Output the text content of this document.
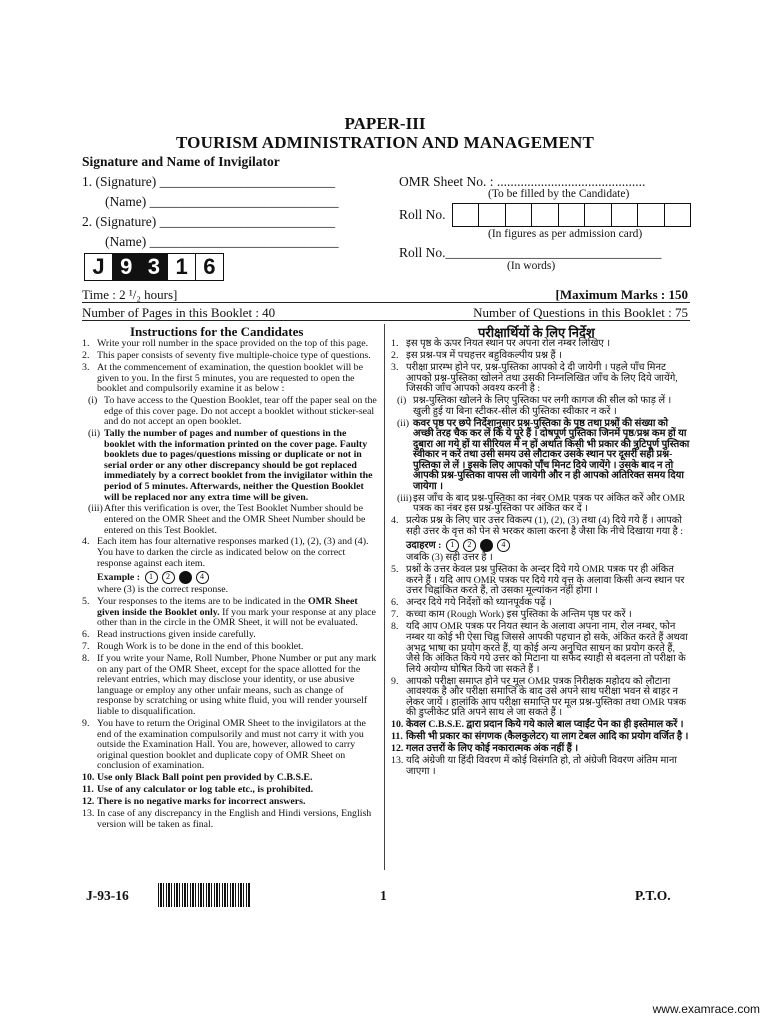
PAPER-III
TOURISM ADMINISTRATION AND MANAGEMENT
Signature and Name of Invigilator
1. (Signature) __________________________
(Name) ____________________________
2. (Signature) __________________________
(Name) ____________________________
OMR Sheet No. : ............................................
(To be filled by the Candidate)
Roll No.
(In figures as per admission card)
Roll No.________________________________
(In words)
J 9 3 1 6
Time : 2 ¹/₂ hours]	[Maximum Marks : 150
Number of Pages in this Booklet : 40	Number of Questions in this Booklet : 75
Instructions for the Candidates
1. Write your roll number in the space provided on the top of this page.
2. This paper consists of seventy five multiple-choice type of questions.
3. At the commencement of examination, the question booklet will be given to you. In the first 5 minutes, you are requested to open the booklet and compulsorily examine it as below :
(i) To have access to the Question Booklet, tear off the paper seal on the edge of this cover page. Do not accept a booklet without sticker-seal and do not accept an open booklet.
(ii) Tally the number of pages and number of questions in the booklet with the information printed on the cover page. Faulty booklets due to pages/questions missing or duplicate or not in serial order or any other discrepancy should be got replaced immediately by a correct booklet from the invigilator within the period of 5 minutes. Afterwards, neither the Question Booklet will be replaced nor any extra time will be given.
(iii) After this verification is over, the Test Booklet Number should be entered on the OMR Sheet and the OMR Sheet Number should be entered on this Test Booklet.
4. Each item has four alternative responses marked (1), (2), (3) and (4). You have to darken the circle as indicated below on the correct response against each item.
Example : 1 2 3 4
where (3) is the correct response.
5. Your responses to the items are to be indicated in the OMR Sheet given inside the Booklet only. If you mark your response at any place other than in the circle in the OMR Sheet, it will not be evaluated.
6. Read instructions given inside carefully.
7. Rough Work is to be done in the end of this booklet.
8. If you write your Name, Roll Number, Phone Number or put any mark on any part of the OMR Sheet, except for the space allotted for the relevant entries, which may disclose your identity, or use abusive language or employ any other unfair means, such as change of response by scratching or using white fluid, you will render yourself liable to disqualification.
9. You have to return the Original OMR Sheet to the invigilators at the end of the examination compulsorily and must not carry it with you outside the Examination Hall. You are, however, allowed to carry original question booklet and duplicate copy of OMR Sheet on conclusion of examination.
10. Use only Black Ball point pen provided by C.B.S.E.
11. Use of any calculator or log table etc., is prohibited.
12. There is no negative marks for incorrect answers.
13. In case of any discrepancy in the English and Hindi versions, English version will be taken as final.
परीक्षार्थियों के लिए निर्देश
1. इस पृष्ठ के ऊपर नियत स्थान पर अपना रोल नम्बर लिखिए ।
2. इस प्रश्न-पत्र में पचहत्तर बहुविकल्पीय प्रश्न हैं ।
3. परीक्षा प्रारम्भ होने पर, प्रश्न-पुस्तिका आपको दे दी जायेगी । पहले पाँच मिनट आपको प्रश्न-पुस्तिका खोलने तथा उसकी निम्नलिखित जाँच के लिए दिये जायेंगे, जिसकी जाँच आपको अवश्य करनी है :
(i) प्रश्न-पुस्तिका खोलने के लिए पुस्तिका पर लगी कागज की सील को फाड़ लें । खुली हुई या बिना स्टीकर-सील की पुस्तिका स्वीकार न करें ।
(ii) कवर पृष्ठ पर छपे निर्देशानुसार प्रश्न-पुस्तिका के पृष्ठ तथा प्रश्नों की संख्या को अच्छी तरह चैक कर लें कि ये पूरे हैं । दोषपूर्ण पुस्तिका जिनमें पृष्ठ/प्रश्न कम हों या दुबारा आ गये हों या सीरियल में न हों अर्थात किसी भी प्रकार की त्रुटिपूर्ण पुस्तिका स्वीकार न करें तथा उसी समय उसे लौटाकर उसके स्थान पर दूसरी सही प्रश्न-पुस्तिका ले लें । इसके लिए आपको पाँच मिनट दिये जायेंगे । उसके बाद न तो आपकी प्रश्न-पुस्तिका वापस ली जायेगी और न ही आपको अतिरिक्त समय दिया जायेगा ।
(iii) इस जाँच के बाद प्रश्न-पुस्तिका का नंबर OMR पत्रक पर अंकित करें और OMR पत्रक का नंबर इस प्रश्न-पुस्तिका पर अंकित कर दें ।
4. प्रत्येक प्रश्न के लिए चार उत्तर विकल्प (1), (2), (3) तथा (4) दिये गये हैं । आपको सही उत्तर के वृत्त को पेन से भरकर काला करना है जैसा कि नीचे दिखाया गया है :
उदाहरण : 1 2 3 4
जबकि (3) सही उत्तर है ।
5. प्रश्नों के उत्तर केवल प्रश्न पुस्तिका के अन्दर दिये गये OMR पत्रक पर ही अंकित करने हैं । यदि आप OMR पत्रक पर दिये गये वृत्त के अलावा किसी अन्य स्थान पर उत्तर चिह्नांकित करते हैं, तो उसका मूल्यांकन नहीं होगा ।
6. अन्दर दिये गये निर्देशों को ध्यानपूर्वक पढ़ें ।
7. कच्चा काम (Rough Work) इस पुस्तिका के अन्तिम पृष्ठ पर करें ।
8. यदि आप OMR पत्रक पर नियत स्थान के अलावा अपना नाम, रोल नम्बर, फोन नम्बर या कोई भी ऐसा चिह्न जिससे आपकी पहचान हो सके, अंकित करते हैं अथवा अभद्र भाषा का प्रयोग करते हैं, या कोई अन्य अनुचित साधन का प्रयोग करते हैं, जैसे कि अंकित किये गये उत्तर को मिटाना या सफेद स्याही से बदलना तो परीक्षा के लिये अयोग्य घोषित किये जा सकते हैं ।
9. आपको परीक्षा समाप्त होने पर मूल OMR पत्रक निरीक्षक महोदय को लौटाना आवश्यक है और परीक्षा समाप्ति के बाद उसे अपने साथ परीक्षा भवन से बाहर न लेकर जायें । हालांकि आप परीक्षा समाप्ति पर मूल प्रश्न-पुस्तिका तथा OMR पत्रक की डुप्लीकेट प्रति अपने साथ ले जा सकते हैं ।
10. केवल C.B.S.E. द्वारा प्रदान किये गये काले बाल प्वाईंट पेन का ही इस्तेमाल करें ।
11. किसी भी प्रकार का संगणक (कैलकुलेटर) या लाग टेबल आदि का प्रयोग वर्जित है ।
12. गलत उत्तरों के लिए कोई नकारात्मक अंक नहीं हैं ।
13. यदि अंग्रेजी या हिंदी विवरण में कोई विसंगति हो, तो अंग्रेजी विवरण अंतिम माना जाएगा ।
J-93-16	1	P.T.O.
www.examrace.com
